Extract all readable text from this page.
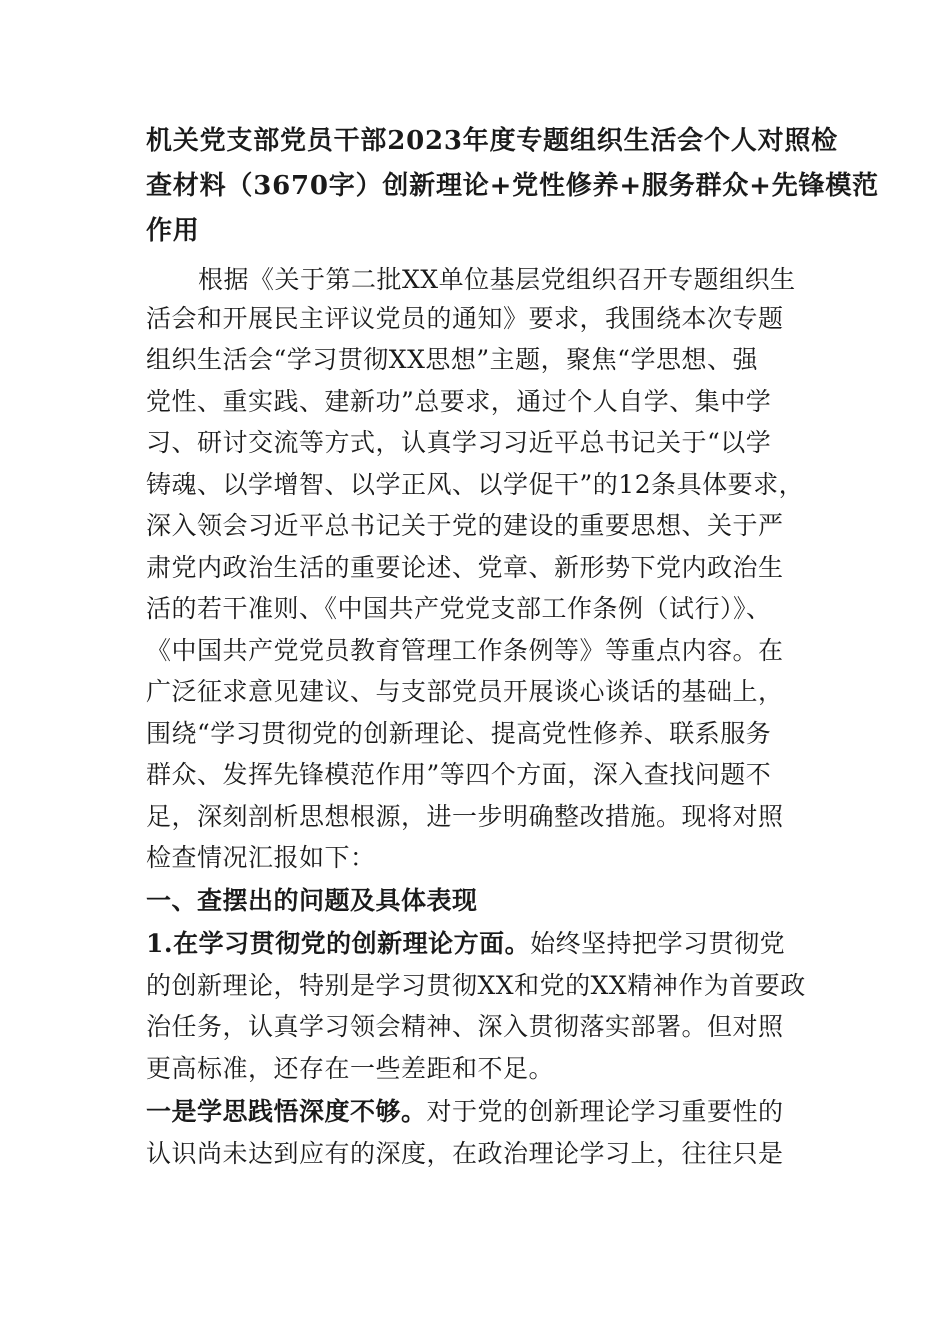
机关党支部党员干部2023年度专题组织生活会个人对照检
查材料（3670字）创新理论+党性修养+服务群众+先锋模范
作用
根据《关于第二批XX单位基层党组织召开专题组织生
活会和开展民主评议党员的通知》要求，我围绕本次专题
组织生活会“学习贯彻XX思想”主题，聚焦“学思想、强
党性、重实践、建新功”总要求，通过个人自学、集中学
习、研讨交流等方式，认真学习习近平总书记关于“以学
铸魂、以学增智、以学正风、以学促干”的12条具体要求，
深入领会习近平总书记关于党的建设的重要思想、关于严
肃党内政治生活的重要论述、党章、新形势下党内政治生
活的若干准则、《中国共产党党支部工作条例（试行）》、
《中国共产党党员教育管理工作条例等》等重点内容。在
广泛征求意见建议、与支部党员开展谈心谈话的基础上，
围绕“学习贯彻党的创新理论、提高党性修养、联系服务
群众、发挥先锋模范作用”等四个方面，深入查找问题不
足，深刻剖析思想根源，进一步明确整改措施。现将对照
检查情况汇报如下：
一、查摆出的问题及具体表现
1.在学习贯彻党的创新理论方面。始终坚持把学习贯彻党
的创新理论，特别是学习贯彻XX和党的XX精神作为首要政
治任务，认真学习领会精神、深入贯彻落实部署。但对照
更高标准，还存在一些差距和不足。
一是学思践悟深度不够。对于党的创新理论学习重要性的
认识尚未达到应有的深度，在政治理论学习上，往往只是
